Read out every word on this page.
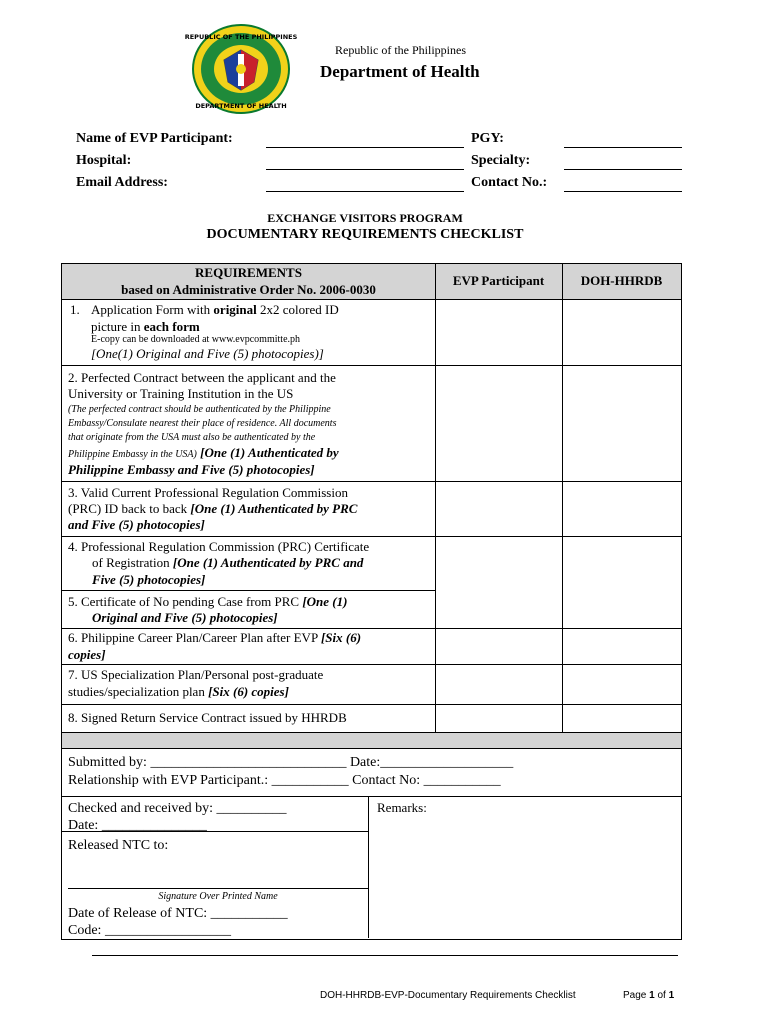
REPUBLIC OF THE PHILIPPINES
DEPARTMENT OF HEALTH
Republic of the Philippines
Department of Health
Name of EVP Participant:	PGY:
Hospital:	Specialty:
Email Address:	Contact No.:
EXCHANGE VISITORS PROGRAM
DOCUMENTARY REQUIREMENTS CHECKLIST
REQUIREMENTS
based on Administrative Order No. 2006-0030
EVP Participant	DOH-HHRDB
1. Application Form with original 2x2 colored ID
picture in each form
E-copy can be downloaded at www.evpcommitte.ph
[One(1) Original and Five (5) photocopies)]
2. Perfected Contract between the applicant and the
University or Training Institution in the US
(The perfected contract should be authenticated by the Philippine
Embassy/Consulate nearest their place of residence. All documents
that originate from the USA must also be authenticated by the
Philippine Embassy in the USA) [One (1) Authenticated by
Philippine Embassy and Five (5) photocopies]
3. Valid Current Professional Regulation Commission
(PRC) ID back to back [One (1) Authenticated by PRC
and Five (5) photocopies]
4. Professional Regulation Commission (PRC) Certificate
of Registration [One (1) Authenticated by PRC and
Five (5) photocopies]
5. Certificate of No pending Case from PRC [One (1)
Original and Five (5) photocopies]
6. Philippine Career Plan/Career Plan after EVP [Six (6)
copies]
7. US Specialization Plan/Personal post-graduate
studies/specialization plan [Six (6) copies]
8. Signed Return Service Contract issued by HHRDB
Submitted by: ____________________________ Date:___________________
Relationship with EVP Participant.: ___________ Contact No: ___________
Checked and received by: __________
Date: _______________
Released NTC to:
Signature Over Printed Name
Date of Release of NTC: ___________
Code: __________________
Remarks:
DOH-HHRDB-EVP-Documentary Requirements Checklist	Page 1 of 1
